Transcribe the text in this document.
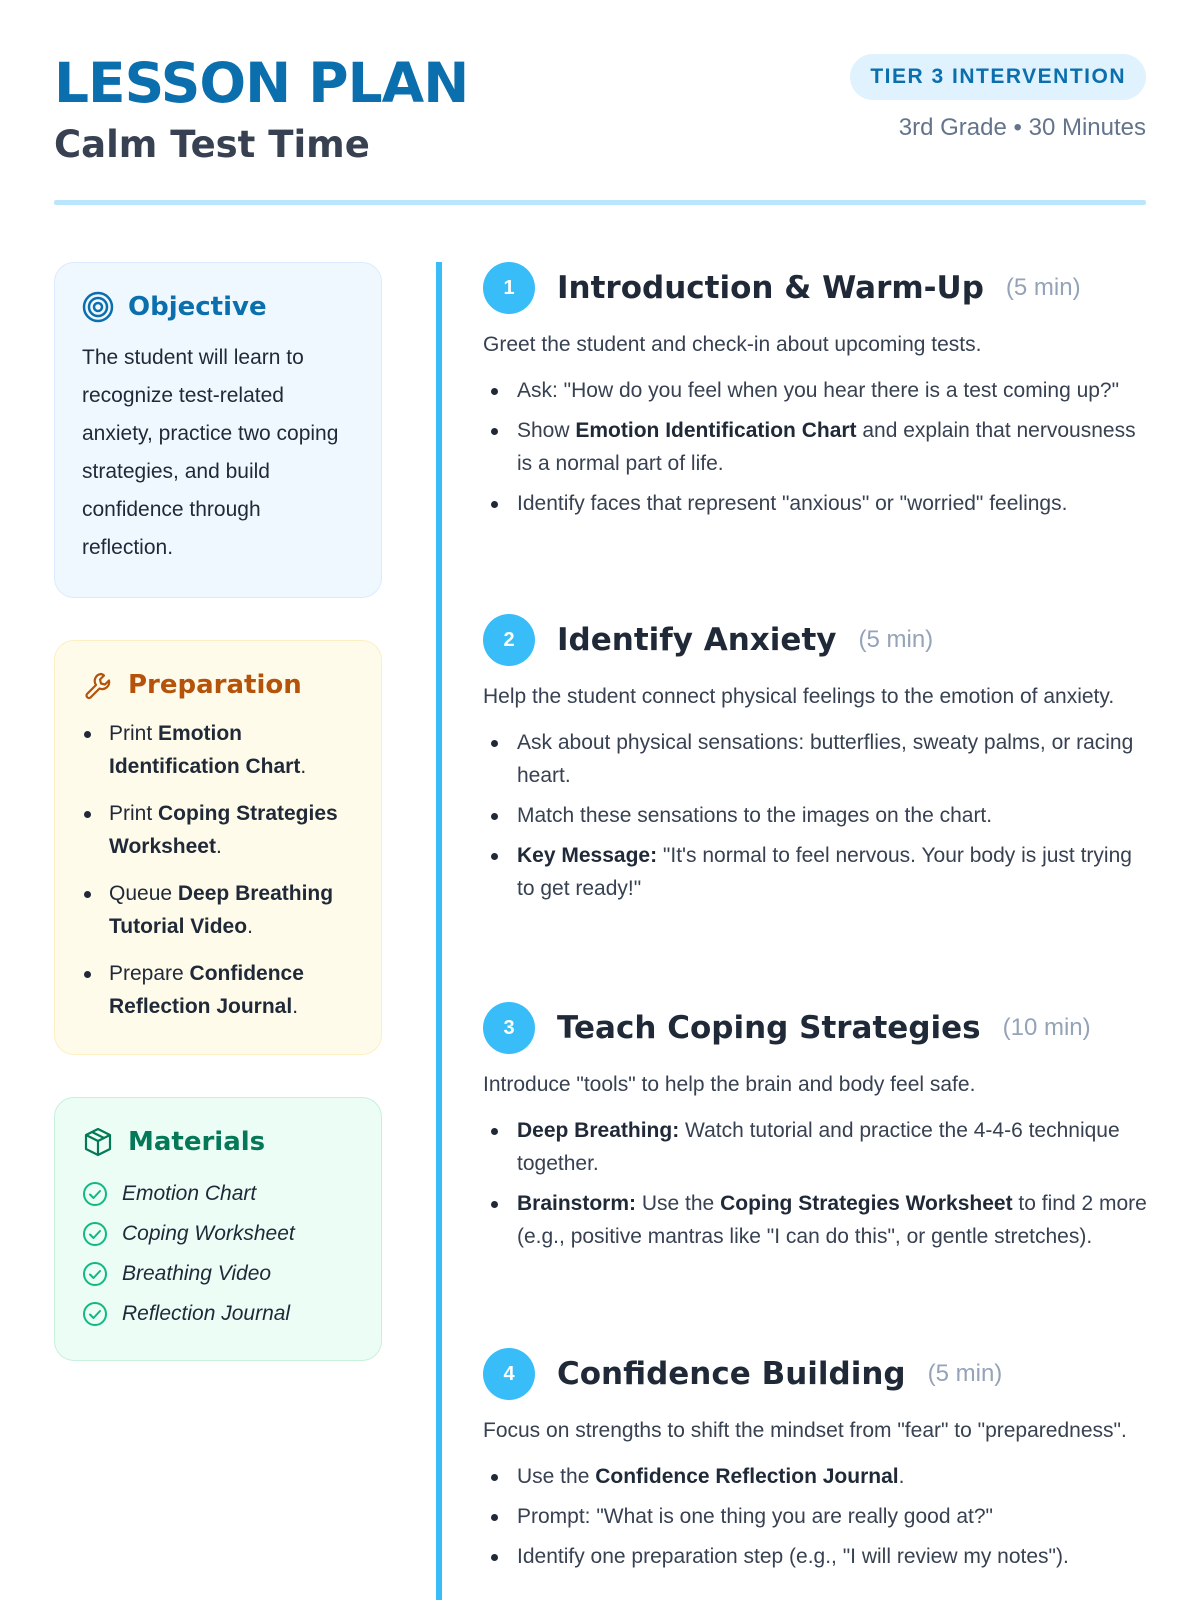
LESSON PLAN
Calm Test Time
TIER 3 INTERVENTION
3rd Grade • 30 Minutes
Objective

The student will learn to recognize test-related anxiety, practice two coping strategies, and build confidence through reflection.

Preparation
Print Emotion Identification Chart.
Print Coping Strategies Worksheet.
Queue Deep Breathing Tutorial Video.
Prepare Confidence Reflection Journal.
Materials
Emotion Chart
Coping Worksheet
Breathing Video
Reflection Journal
1	Introduction & Warm-Up (5 min)

Greet the student and check-in about upcoming tests.

Ask: "How do you feel when you hear there is a test coming up?"
Show Emotion Identification Chart and explain that nervousness is a normal part of life.
Identify faces that represent "anxious" or "worried" feelings.
2	Identify Anxiety (5 min)

Help the student connect physical feelings to the emotion of anxiety.

Ask about physical sensations: butterflies, sweaty palms, or racing heart.
Match these sensations to the images on the chart.
Key Message: "It's normal to feel nervous. Your body is just trying to get ready!"
3	Teach Coping Strategies (10 min)

Introduce "tools" to help the brain and body feel safe.

Deep Breathing: Watch tutorial and practice the 4-4-6 technique together.
Brainstorm: Use the Coping Strategies Worksheet to find 2 more (e.g., positive mantras like "I can do this", or gentle stretches).
4	Confidence Building (5 min)

Focus on strengths to shift the mindset from "fear" to "preparedness".

Use the Confidence Reflection Journal.
Prompt: "What is one thing you are really good at?"
Identify one preparation step (e.g., "I will review my notes").
